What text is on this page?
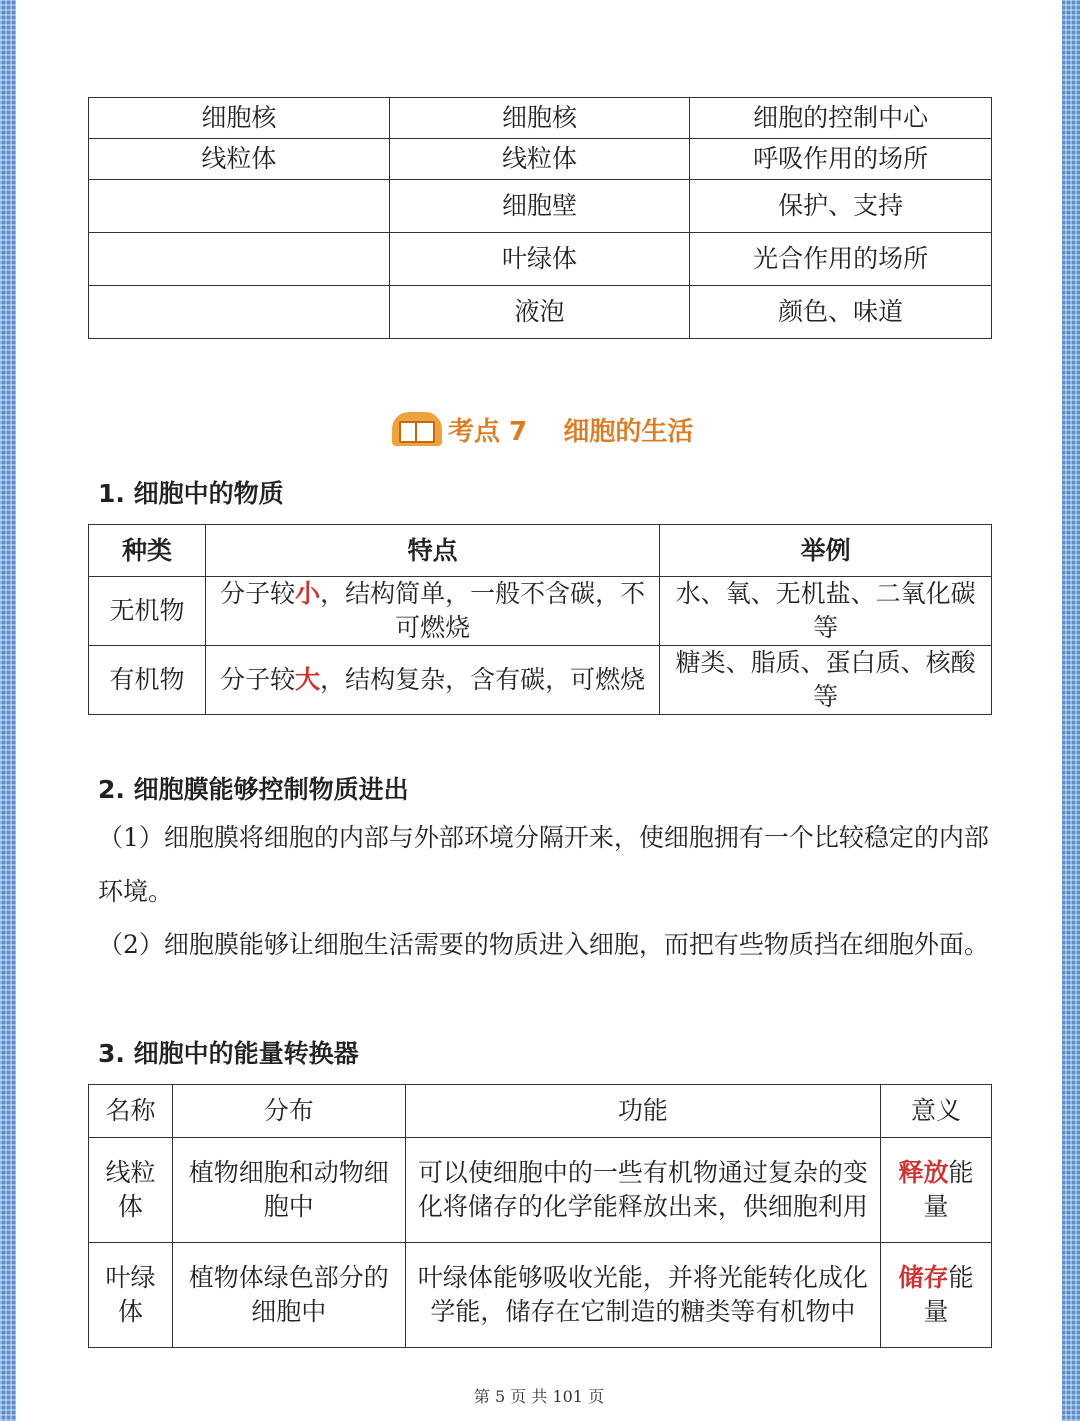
细胞核	细胞核	细胞的控制中心
线粒体	线粒体	呼吸作用的场所
	细胞壁	保护、支持
	叶绿体	光合作用的场所
	液泡	颜色、味道
考点 7    细胞的生活
1. 细胞中的物质
种类	特点	举例
无机物	分子较小，结构简单，一般不含碳，不可燃烧	水、氧、无机盐、二氧化碳等
有机物	分子较大，结构复杂，含有碳，可燃烧	糖类、脂质、蛋白质、核酸等
2. 细胞膜能够控制物质进出
（1）细胞膜将细胞的内部与外部环境分隔开来，使细胞拥有一个比较稳定的内部环境。
（2）细胞膜能够让细胞生活需要的物质进入细胞，而把有些物质挡在细胞外面。
3. 细胞中的能量转换器
名称	分布	功能	意义
线粒体	植物细胞和动物细胞中	可以使细胞中的一些有机物通过复杂的变化将储存的化学能释放出来，供细胞利用	释放能量
叶绿体	植物体绿色部分的细胞中	叶绿体能够吸收光能，并将光能转化成化学能，储存在它制造的糖类等有机物中	储存能量
第 5 页 共 101 页
